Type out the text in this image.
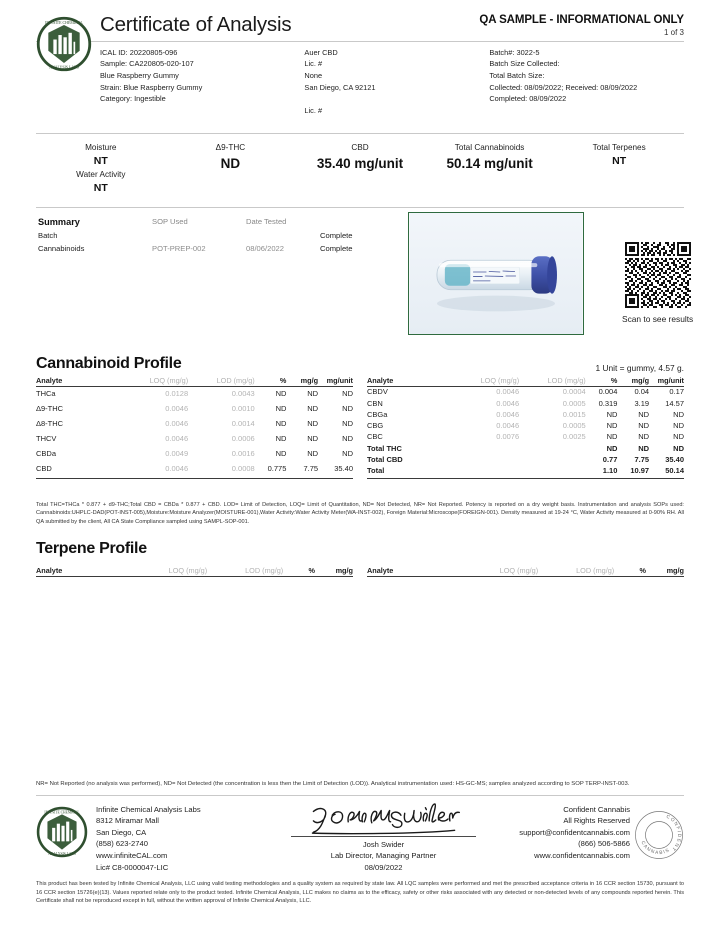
INFINITE CHEMICAL
ANALYSIS LABS
Certificate of Analysis	QA SAMPLE - INFORMATIONAL ONLY
1 of 3
ICAL ID: 20220805-096
Sample: CA220805-020-107
Blue Raspberry Gummy
Strain: Blue Raspberry Gummy
Category: Ingestible
Auer CBD
Lic. #
None
San Diego, CA 92121
Lic. #
Batch#: 3022-5
Batch Size Collected:
Total Batch Size:
Collected: 08/09/2022; Received: 08/09/2022
Completed: 08/09/2022
Moisture
NT
Water Activity
NT
Δ9-THC
ND
CBD
35.40 mg/unit
Total Cannabinoids
50.14 mg/unit
Total Terpenes
NT
Summary	SOP Used	Date Tested	
Batch			Complete
Cannabinoids	POT-PREP-002	08/06/2022	Complete
Scan to see results
Cannabinoid Profile	1 Unit = gummy, 4.57 g.
Analyte	LOQ (mg/g)	LOD (mg/g)	%	mg/g	mg/unit
THCa	0.0128	0.0043	ND	ND	ND
Δ9-THC	0.0046	0.0010	ND	ND	ND
Δ8-THC	0.0046	0.0014	ND	ND	ND
THCV	0.0046	0.0006	ND	ND	ND
CBDa	0.0049	0.0016	ND	ND	ND
CBD	0.0046	0.0008	0.775	7.75	35.40
Analyte	LOQ (mg/g)	LOD (mg/g)	%	mg/g	mg/unit
CBDV	0.0046	0.0004	0.004	0.04	0.17
CBN	0.0046	0.0005	0.319	3.19	14.57
CBGa	0.0046	0.0015	ND	ND	ND
CBG	0.0046	0.0005	ND	ND	ND
CBC	0.0076	0.0025	ND	ND	ND
Total THC			ND	ND	ND
Total CBD			0.77	7.75	35.40
Total			1.10	10.97	50.14
Total THC=THCa * 0.877 + d9-THC;Total CBD = CBDa * 0.877 + CBD. LOD= Limit of Detection, LOQ= Limit of Quantitation, ND= Not Detected, NR= Not Reported. Potency is reported on a dry weight basis. Instrumentation and analysis SOPs used: Cannabinoids:UHPLC-DAD(POT-INST-005),Moisture:Moisture Analyzer(MOISTURE-001),Water Activity:Water Activity Meter(WA-INST-002), Foreign Material:Microscope(FOREIGN-001). Density measured at 19-24 °C, Water Activity measured at 0-90% RH. All QA submitted by the client, All CA State Compliance sampled using SAMPL-SOP-001.
Terpene Profile
Analyte	LOQ (mg/g)	LOD (mg/g)	%	mg/g Analyte	LOQ (mg/g)	LOD (mg/g)	%	mg/g

NR= Not Reported (no analysis was performed), ND= Not Detected (the concentration is less then the Limit of Detection (LOD)). Analytical instrumentation used: HS-GC-MS; samples analyzed according to SOP TERP-INST-003.
INFINITE CHEMICAL
ANALYSIS LABS
Infinite Chemical Analysis Labs
8312 Miramar Mall
San Diego, CA
(858) 623-2740
www.infiniteCAL.com
Lic# C8-0000047-LIC
Josh Swider
Lab Director, Managing Partner
08/09/2022
Confident Cannabis
All Rights Reserved
support@confidentcannabis.com
(866) 506-5866
www.confidentcannabis.com
CONFIDENT
CANNABIS
This product has been tested by Infinite Chemical Analysis, LLC using valid testing methodologies and a quality system as required by state law. All LQC samples were performed and met the prescribed acceptance criteria in 16 CCR section 15730, pursuant to 16 CCR section 15726(e)(13). Values reported relate only to the product tested. Infinite Chemical Analysis, LLC makes no claims as to the efficacy, safety or other risks associated with any detected or non-detected levels of any compounds reported herein. This Certificate shall not be reproduced except in full, without the written approval of Infinite Chemical Analysis, LLC.
